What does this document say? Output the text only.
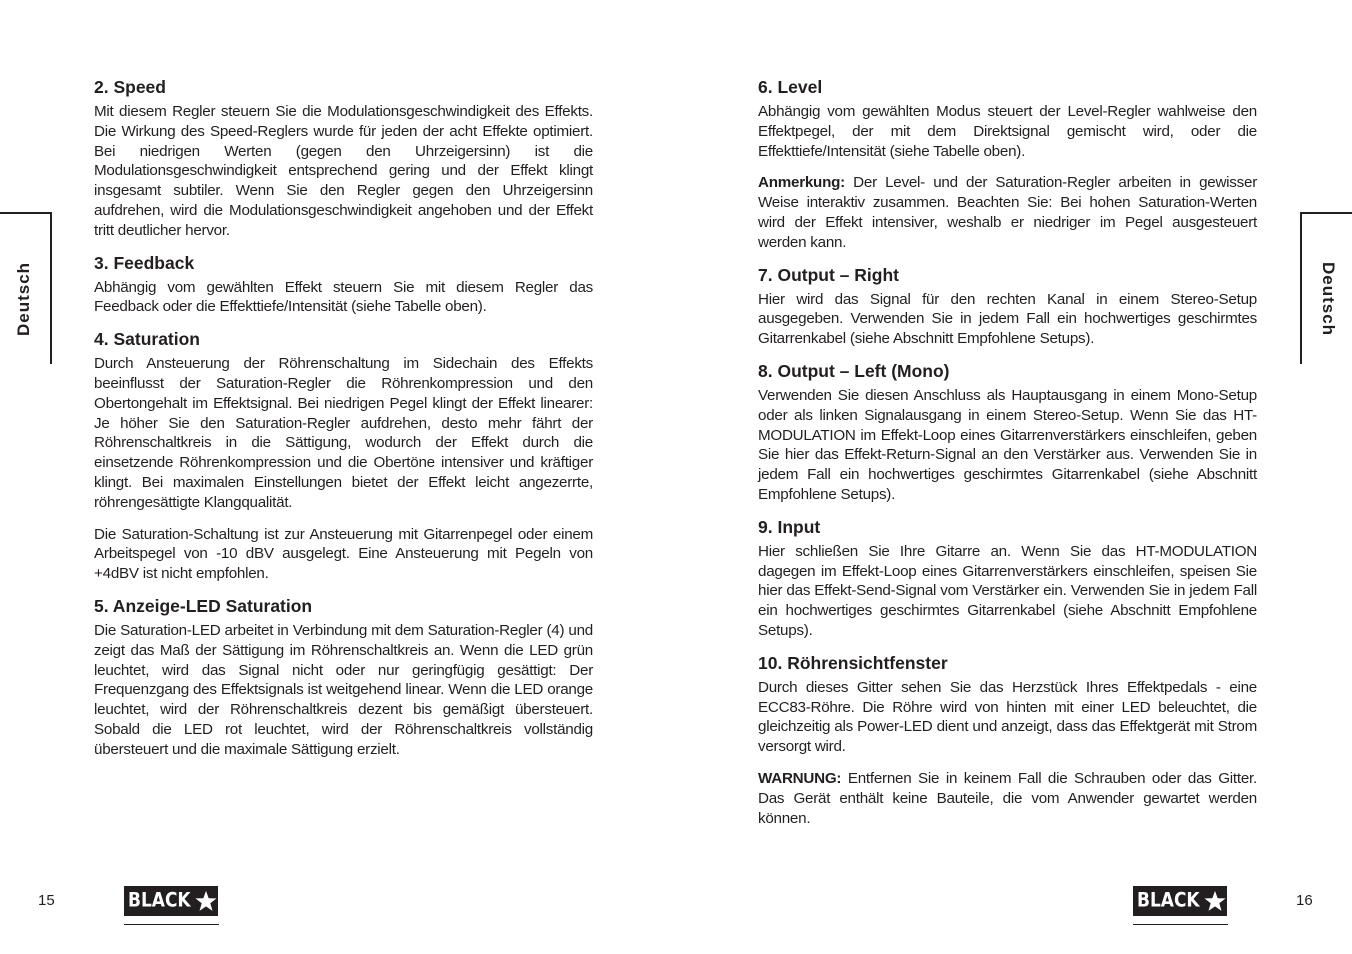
Deutsch	Deutsch
2. Speed

Mit diesem Regler steuern Sie die Modulationsgeschwindigkeit des Effekts. Die Wirkung des Speed-Reglers wurde für jeden der acht Effekte optimiert. Bei niedrigen Werten (gegen den Uhrzeigersinn) ist die Modulationsgeschwindigkeit entsprechend gering und der Effekt klingt insgesamt subtiler. Wenn Sie den Regler gegen den Uhrzeigersinn aufdrehen, wird die Modulationsgeschwindigkeit angehoben und der Effekt tritt deutlicher hervor.

3. Feedback

Abhängig vom gewählten Effekt steuern Sie mit diesem Regler das Feedback oder die Effekttiefe/Intensität (siehe Tabelle oben).

4. Saturation

Durch Ansteuerung der Röhrenschaltung im Sidechain des Effekts beeinflusst der Saturation-Regler die Röhrenkompression und den Obertongehalt im Effektsignal. Bei niedrigen Pegel klingt der Effekt linearer: Je höher Sie den Saturation-Regler aufdrehen, desto mehr fährt der Röhrenschaltkreis in die Sättigung, wodurch der Effekt durch die einsetzende Röhrenkompression und die Obertöne intensiver und kräftiger klingt. Bei maximalen Einstellungen bietet der Effekt leicht angezerrte, röhrengesättigte Klangqualität.

Die Saturation-Schaltung ist zur Ansteuerung mit Gitarrenpegel oder einem Arbeitspegel von -10 dBV ausgelegt. Eine Ansteuerung mit Pegeln von +4dBV ist nicht empfohlen.

5. Anzeige-LED Saturation

Die Saturation-LED arbeitet in Verbindung mit dem Saturation-Regler (4) und zeigt das Maß der Sättigung im Röhrenschaltkreis an. Wenn die LED grün leuchtet, wird das Signal nicht oder nur geringfügig gesättigt: Der Frequenzgang des Effektsignals ist weitgehend linear. Wenn die LED orange leuchtet, wird der Röhrenschaltkreis dezent bis gemäßigt übersteuert. Sobald die LED rot leuchtet, wird der Röhrenschaltkreis vollständig übersteuert und die maximale Sättigung erzielt.

6. Level

Abhängig vom gewählten Modus steuert der Level-Regler wahlweise den Effektpegel, der mit dem Direktsignal gemischt wird, oder die Effekttiefe/Intensität (siehe Tabelle oben).

Anmerkung: Der Level- und der Saturation-Regler arbeiten in gewisser Weise interaktiv zusammen. Beachten Sie: Bei hohen Saturation-Werten wird der Effekt intensiver, weshalb er niedriger im Pegel ausgesteuert werden kann.

7. Output – Right

Hier wird das Signal für den rechten Kanal in einem Stereo-Setup ausgegeben. Verwenden Sie in jedem Fall ein hochwertiges geschirmtes Gitarrenkabel (siehe Abschnitt Empfohlene Setups).

8. Output – Left (Mono)

Verwenden Sie diesen Anschluss als Hauptausgang in einem Mono-Setup oder als linken Signalausgang in einem Stereo-Setup. Wenn Sie das HT-MODULATION im Effekt-Loop eines Gitarrenverstärkers einschleifen, geben Sie hier das Effekt-Return-Signal an den Verstärker aus. Verwenden Sie in jedem Fall ein hochwertiges geschirmtes Gitarrenkabel (siehe Abschnitt Empfohlene Setups).

9. Input

Hier schließen Sie Ihre Gitarre an. Wenn Sie das HT-MODULATION dagegen im Effekt-Loop eines Gitarrenverstärkers einschleifen, speisen Sie hier das Effekt-Send-Signal vom Verstärker ein. Verwenden Sie in jedem Fall ein hochwertiges geschirmtes Gitarrenkabel (siehe Abschnitt Empfohlene Setups).

10. Röhrensichtfenster

Durch dieses Gitter sehen Sie das Herzstück Ihres Effektpedals - eine ECC83-Röhre. Die Röhre wird von hinten mit einer LED beleuchtet, die gleichzeitig als Power-LED dient und anzeigt, dass das Effektgerät mit Strom versorgt wird.

WARNUNG: Entfernen Sie in keinem Fall die Schrauben oder das Gitter. Das Gerät enthält keine Bauteile, die vom Anwender gewartet werden können.

15	BLACK	BLACK	16
